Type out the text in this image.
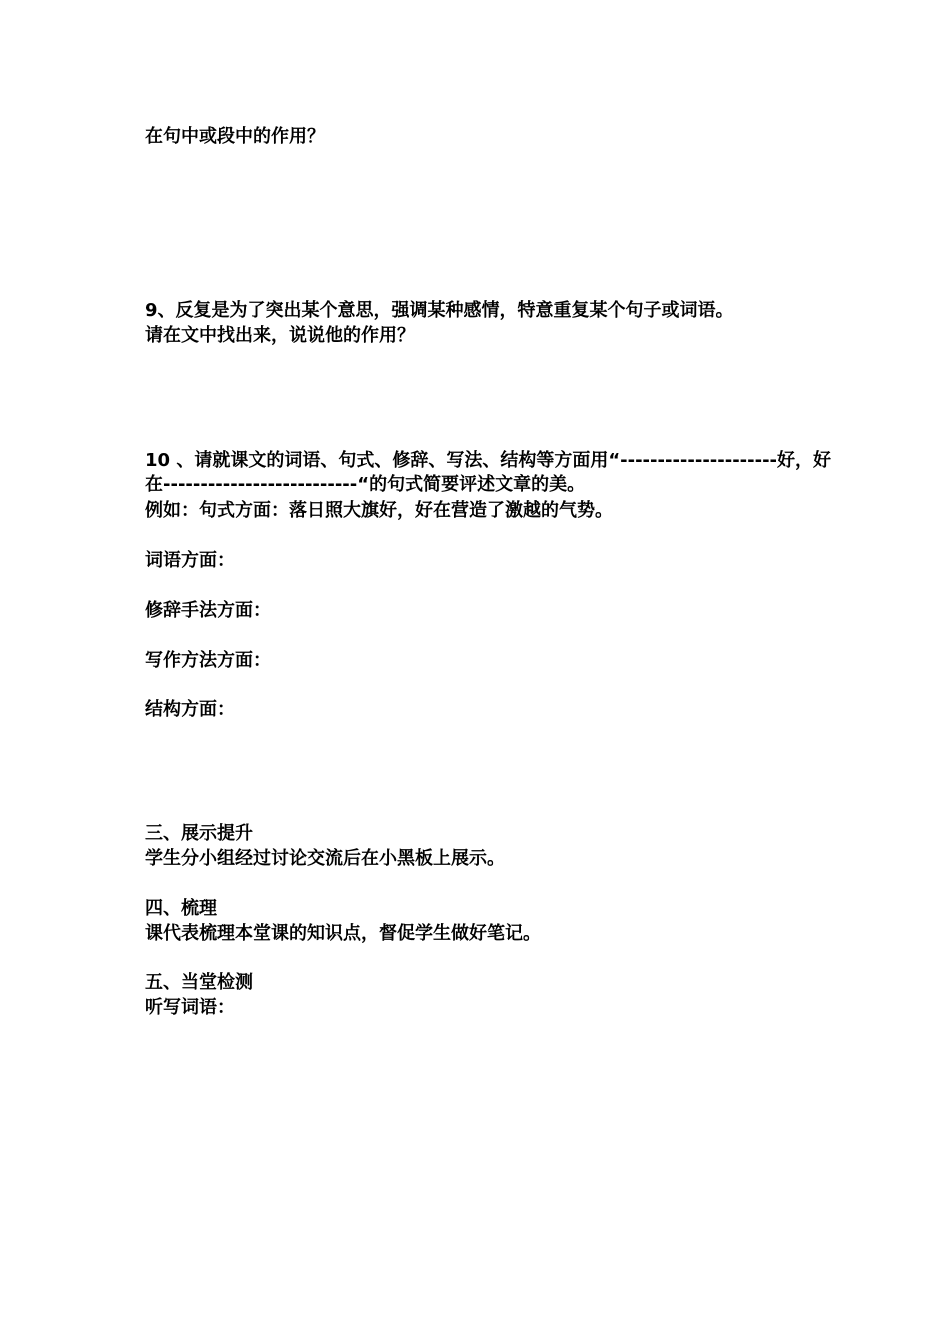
在句中或段中的作用？
9、反复是为了突出某个意思，强调某种感情，特意重复某个句子或词语。
请在文中找出来，说说他的作用？
10 、请就课文的词语、句式、修辞、写法、结构等方面用“---------------------好，好
在--------------------------“的句式简要评述文章的美。
例如：句式方面：落日照大旗好，好在营造了激越的气势。
词语方面：
修辞手法方面：
写作方法方面：
结构方面：
三、展示提升
学生分小组经过讨论交流后在小黑板上展示。
四、梳理
课代表梳理本堂课的知识点，督促学生做好笔记。
五、当堂检测
听写词语：
